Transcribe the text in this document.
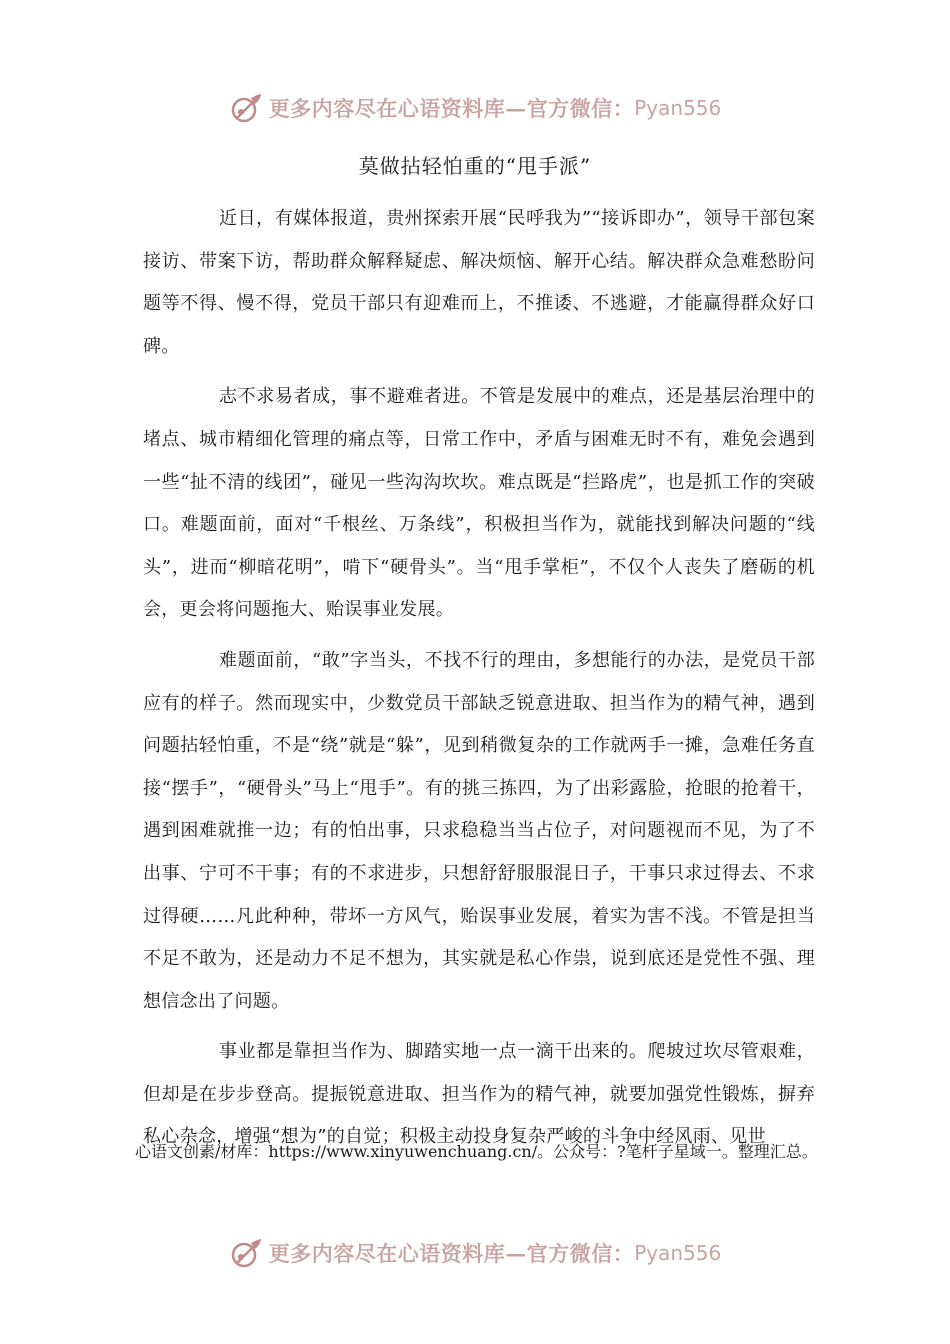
更多内容尽在心语资料库—官方微信： Pyan556
莫做拈轻怕重的“甩手派”

近日，有媒体报道，贵州探索开展“民呼我为”“接诉即办”，领导干部包案接访、带案下访，帮助群众解释疑虑、解决烦恼、解开心结。解决群众急难愁盼问题等不得、慢不得，党员干部只有迎难而上，不推诿、不逃避，才能赢得群众好口碑。

志不求易者成，事不避难者进。不管是发展中的难点，还是基层治理中的堵点、城市精细化管理的痛点等，日常工作中，矛盾与困难无时不有，难免会遇到一些“扯不清的线团”，碰见一些沟沟坎坎。难点既是“拦路虎”，也是抓工作的突破口。难题面前，面对“千根丝、万条线”，积极担当作为，就能找到解决问题的“线头”，进而“柳暗花明”，啃下“硬骨头”。当“甩手掌柜”，不仅个人丧失了磨砺的机会，更会将问题拖大、贻误事业发展。

难题面前，“敢”字当头，不找不行的理由，多想能行的办法，是党员干部应有的样子。然而现实中，少数党员干部缺乏锐意进取、担当作为的精气神，遇到问题拈轻怕重，不是“绕”就是“躲”，见到稍微复杂的工作就两手一摊，急难任务直接“摆手”，“硬骨头”马上“甩手”。有的挑三拣四，为了出彩露脸，抢眼的抢着干，遇到困难就推一边；有的怕出事，只求稳稳当当占位子，对问题视而不见，为了不出事、宁可不干事；有的不求进步，只想舒舒服服混日子，干事只求过得去、不求过得硬……凡此种种，带坏一方风气，贻误事业发展，着实为害不浅。不管是担当不足不敢为，还是动力不足不想为，其实就是私心作祟，说到底还是党性不强、理想信念出了问题。

事业都是靠担当作为、脚踏实地一点一滴干出来的。爬坡过坎尽管艰难，但却是在步步登高。提振锐意进取、担当作为的精气神，就要加强党性锻炼，摒弃私心杂念，增强“想为”的自觉；积极主动投身复杂严峻的斗争中经风雨、见世

心语文创素/材库：https://www.xinyuwenchuang.cn/。公众号：?笔杆子星域一。整理汇总。
更多内容尽在心语资料库—官方微信： Pyan556
